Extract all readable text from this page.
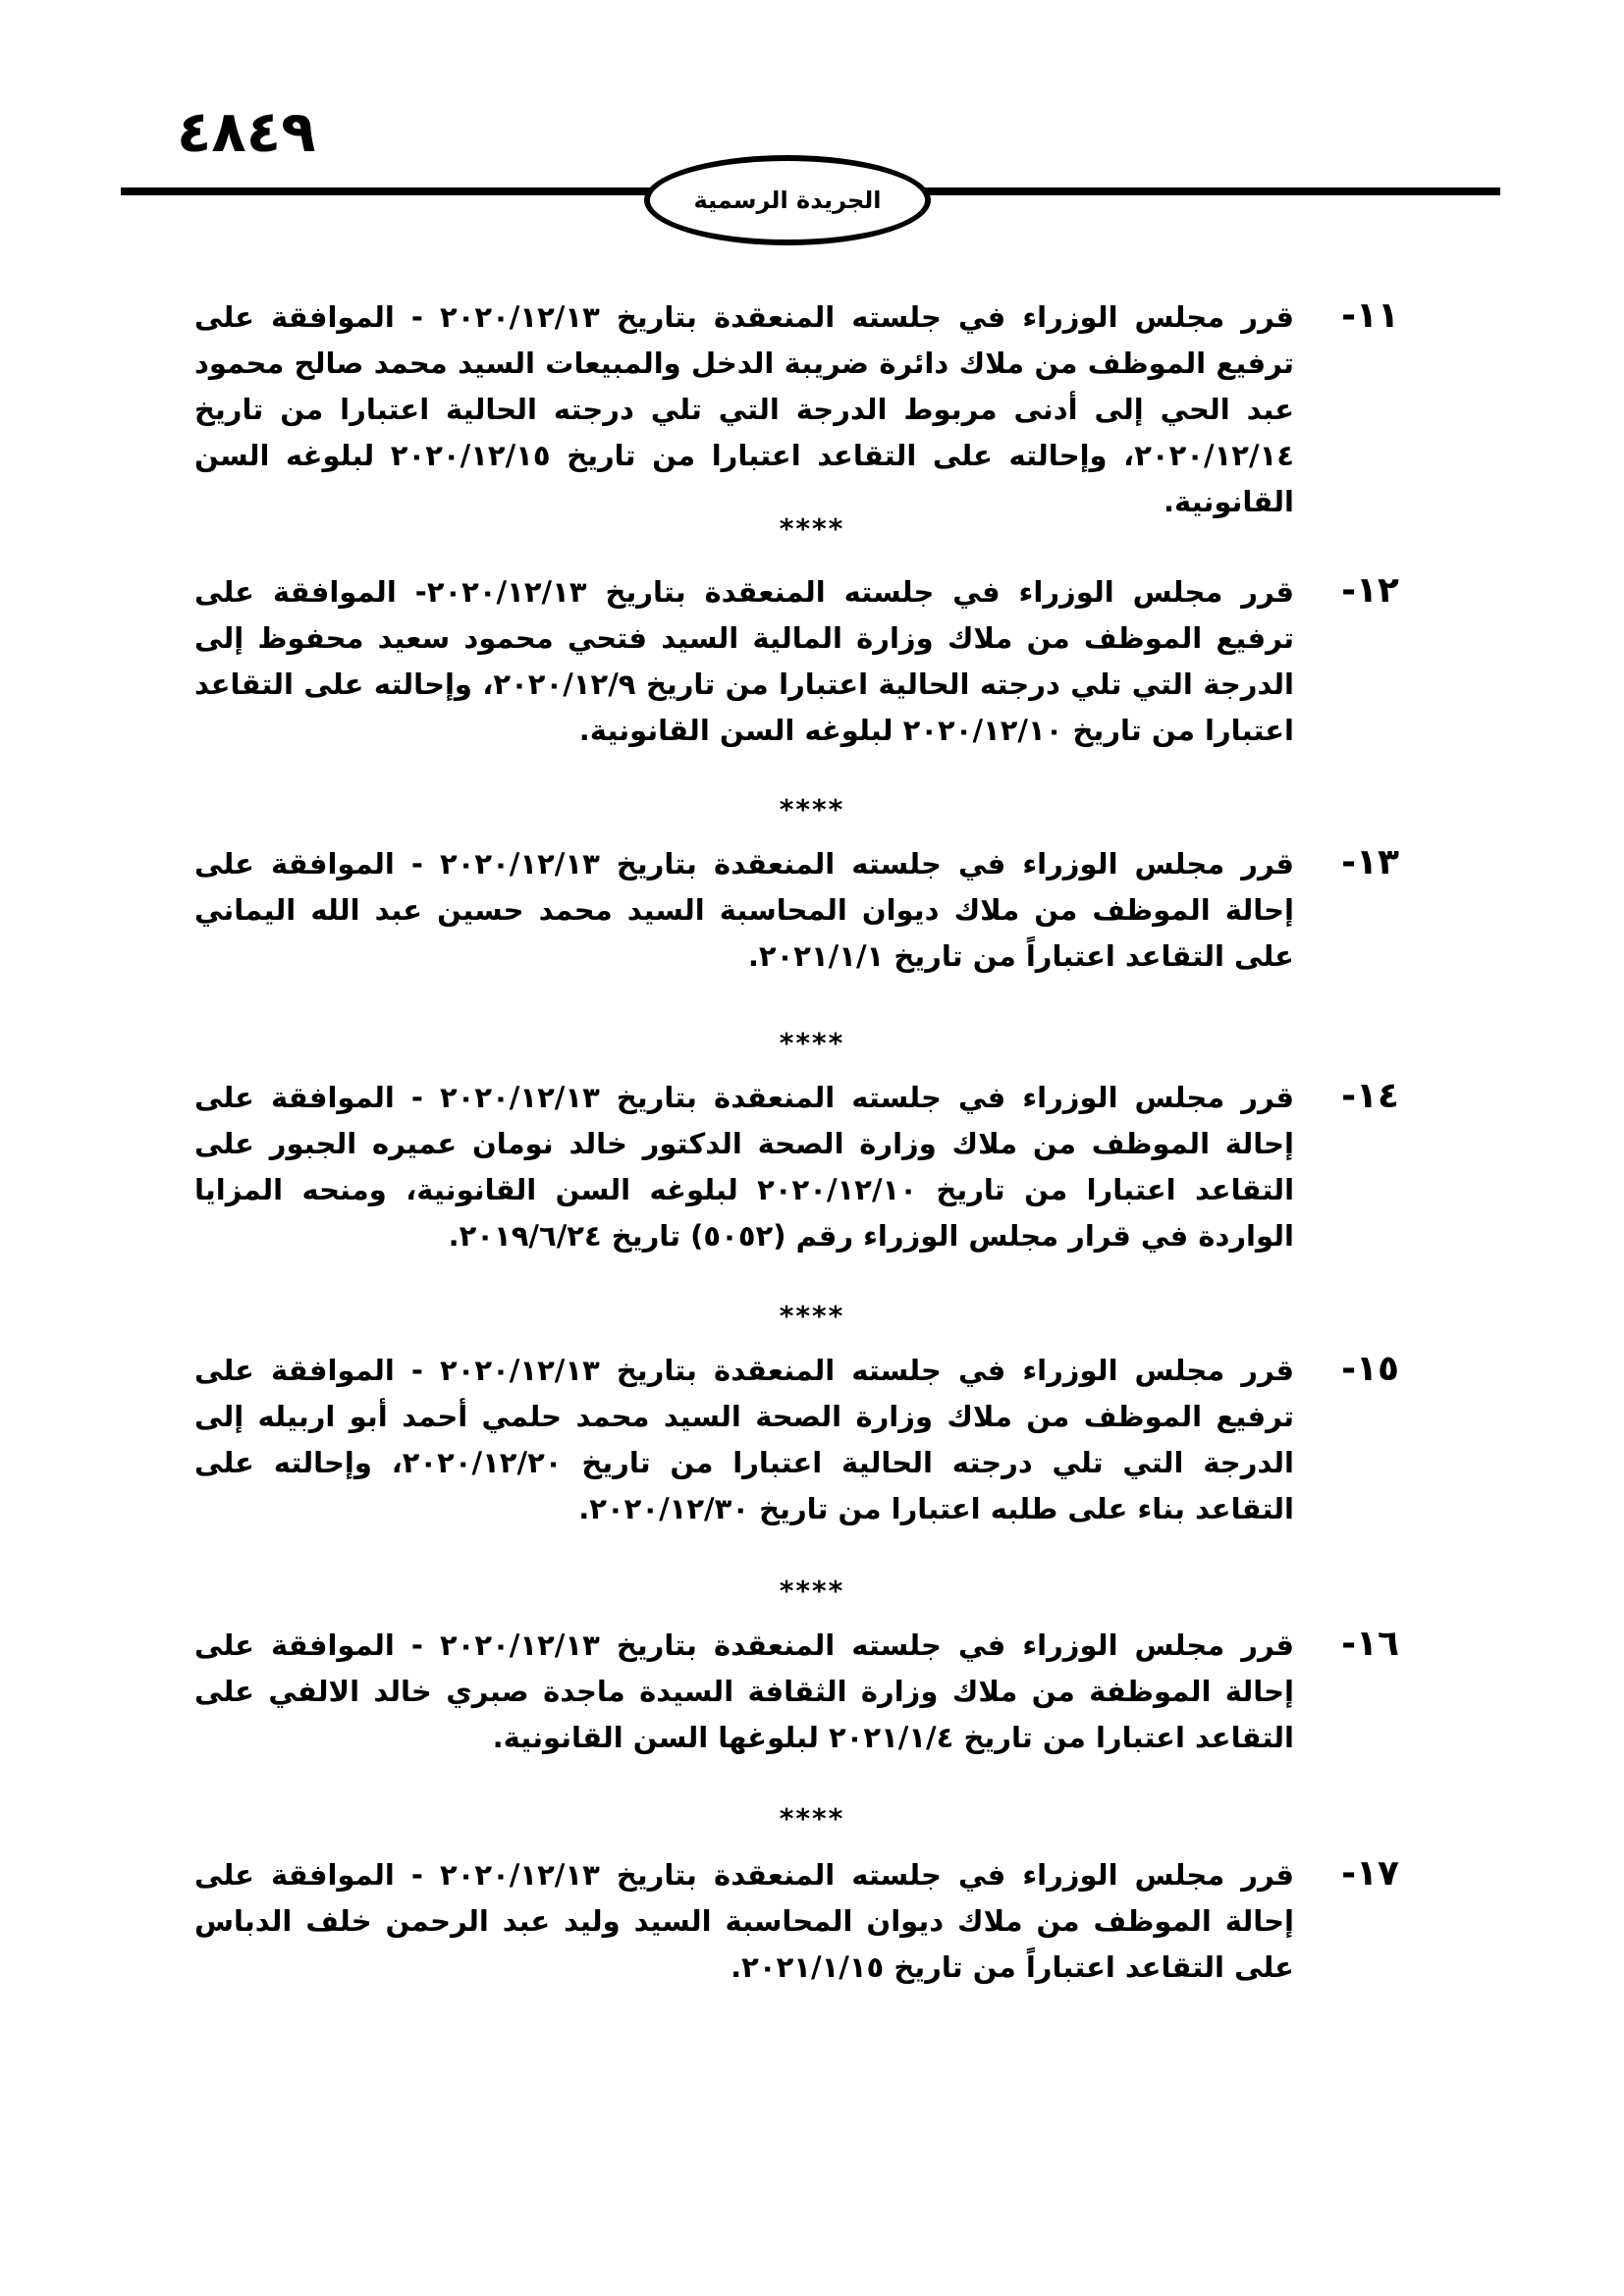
٤٨٤٩
الجريدة الرسمية
١١-
قرر مجلس الوزراء في جلسته المنعقدة بتاريخ ٢٠٢٠/١٢/١٣ - الموافقة على ترفيع الموظف من ملاك دائرة ضريبة الدخل والمبيعات السيد محمد صالح محمود عبد الحي إلى أدنى مربوط الدرجة التي تلي درجته الحالية اعتبارا من تاريخ ٢٠٢٠/١٢/١٤، وإحالته على التقاعد اعتبارا من تاريخ ٢٠٢٠/١٢/١٥ لبلوغه السن القانونية.
****
١٢-
قرر مجلس الوزراء في جلسته المنعقدة بتاريخ ٢٠٢٠/١٢/١٣- الموافقة على ترفيع الموظف من ملاك وزارة المالية السيد فتحي محمود سعيد محفوظ إلى الدرجة التي تلي درجته الحالية اعتبارا من تاريخ ٢٠٢٠/١٢/٩، وإحالته على التقاعد اعتبارا من تاريخ ٢٠٢٠/١٢/١٠ لبلوغه السن القانونية.
****
١٣-
قرر مجلس الوزراء في جلسته المنعقدة بتاريخ ٢٠٢٠/١٢/١٣ - الموافقة على إحالة الموظف من ملاك ديوان المحاسبة السيد محمد حسين عبد الله اليماني على التقاعد اعتباراً من تاريخ ٢٠٢١/١/١.
****
١٤-
قرر مجلس الوزراء في جلسته المنعقدة بتاريخ ٢٠٢٠/١٢/١٣ - الموافقة على إحالة الموظف من ملاك وزارة الصحة الدكتور خالد نومان عميره الجبور على التقاعد اعتبارا من تاريخ ٢٠٢٠/١٢/١٠ لبلوغه السن القانونية، ومنحه المزايا الواردة في قرار مجلس الوزراء رقم (٥٠٥٢) تاريخ ٢٠١٩/٦/٢٤.
****
١٥-
قرر مجلس الوزراء في جلسته المنعقدة بتاريخ ٢٠٢٠/١٢/١٣ - الموافقة على ترفيع الموظف من ملاك وزارة الصحة السيد محمد حلمي أحمد أبو اربيله إلى الدرجة التي تلي درجته الحالية اعتبارا من تاريخ ٢٠٢٠/١٢/٢٠، وإحالته على التقاعد بناء على طلبه اعتبارا من تاريخ ٢٠٢٠/١٢/٣٠.
****
١٦-
قرر مجلس الوزراء في جلسته المنعقدة بتاريخ ٢٠٢٠/١٢/١٣ - الموافقة على إحالة الموظفة من ملاك وزارة الثقافة السيدة ماجدة صبري خالد الالفي على التقاعد اعتبارا من تاريخ ٢٠٢١/١/٤ لبلوغها السن القانونية.
****
١٧-
قرر مجلس الوزراء في جلسته المنعقدة بتاريخ ٢٠٢٠/١٢/١٣ - الموافقة على إحالة الموظف من ملاك ديوان المحاسبة السيد وليد عبد الرحمن خلف الدباس على التقاعد اعتباراً من تاريخ ٢٠٢١/١/١٥.
